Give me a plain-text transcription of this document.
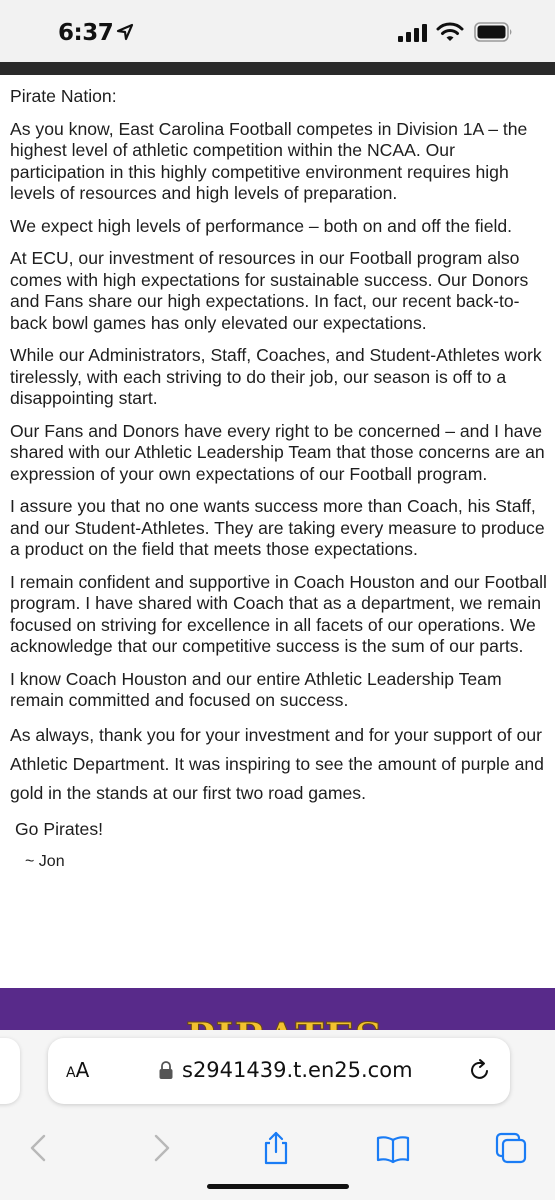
6:37

Pirate Nation:

As you know, East Carolina Football competes in Division 1A – the highest level of athletic competition within the NCAA. Our participation in this highly competitive environment requires high levels of resources and high levels of preparation.

We expect high levels of performance – both on and off the field.

At ECU, our investment of resources in our Football program also comes with high expectations for sustainable success. Our Donors and Fans share our high expectations. In fact, our recent back-to-back bowl games has only elevated our expectations.

While our Administrators, Staff, Coaches, and Student-Athletes work tirelessly, with each striving to do their job, our season is off to a disappointing start.

Our Fans and Donors have every right to be concerned – and I have shared with our Athletic Leadership Team that those concerns are an expression of your own expectations of our Football program.

I assure you that no one wants success more than Coach, his Staff, and our Student-Athletes. They are taking every measure to produce a product on the field that meets those expectations.

I remain confident and supportive in Coach Houston and our Football program. I have shared with Coach that as a department, we remain focused on striving for excellence in all facets of our operations. We acknowledge that our competitive success is the sum of our parts.

I know Coach Houston and our entire Athletic Leadership Team remain committed and focused on success.

As always, thank you for your investment and for your support of our Athletic Department. It was inspiring to see the amount of purple and gold in the stands at our first two road games.

Go Pirates!

~ Jon

AA	s2941439.t.en25.com
